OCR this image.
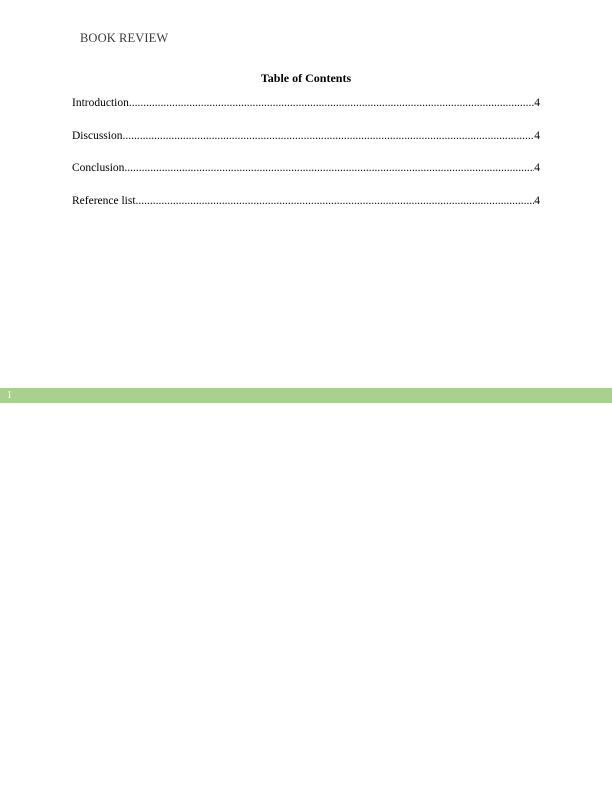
BOOK REVIEW
Table of Contents
Introduction .....	4
Discussion .....	4
Conclusion .....	4
Reference list .....	4
1
